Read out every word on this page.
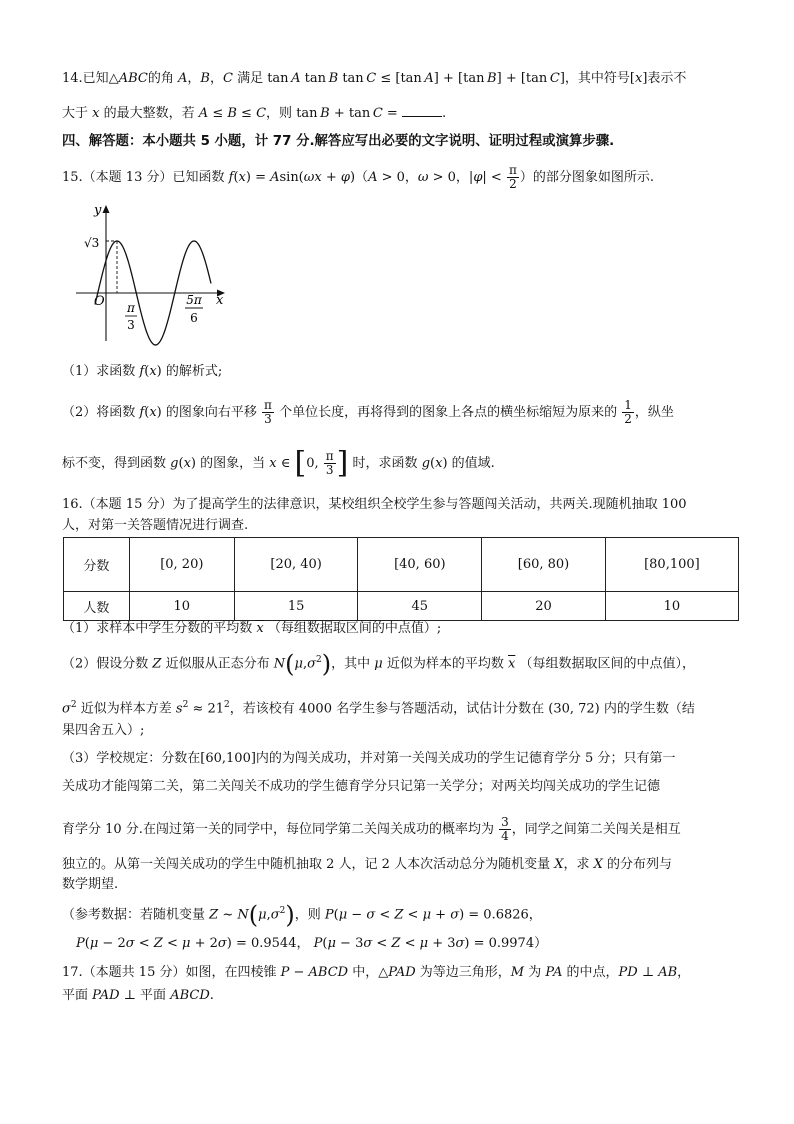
14.已知△ABC的角 A，B，C 满足 tan A tan B tan C ≤ [tan A] + [tan B] + [tan C]，其中符号[x]表示不
大于 x 的最大整数，若 A ≤ B ≤ C，则 tan B + tan C =	.
四、解答题：本小题共 5 小题，计 77 分.解答应写出必要的文字说明、证明过程或演算步骤.
15.（本题 13 分）已知函数 f(x) = Asin(ωx + φ)（A > 0，ω > 0，$|\varphi| < \frac{\pi}{2}$ ）的部分图象如图所示.
y
x
O
√3
π
3
5π
6
（1）求函数 f(x) 的解析式;
（2）将函数 f(x) 的图象向右平移 $\frac{\pi}{3}$ 个单位长度，再将得到的图象上各点的横坐标缩短为原来的 $\frac{1}{2}$ ，纵坐
标不变，得到函数 g(x) 的图象，当 x ∈ [0, $\frac{\pi}{3}$ ] 时，求函数 g(x) 的值域.
16.（本题 15 分）为了提高学生的法律意识，某校组织全校学生参与答题闯关活动，共两关.现随机抽取 100
人，对第一关答题情况进行调查.
分数	[0, 20)	[20, 40)	[40, 60)	[60, 80)	[80,100]
人数	10	15	45	20	10
（1）求样本中学生分数的平均数 $\overline{x}$ （每组数据取区间的中点值）;
（2）假设分数 Z 近似服从正态分布 $N(\mu,\sigma^2)$，其中 μ 近似为样本的平均数 $\overline{x}$ （每组数据取区间的中点值），
$\sigma^2$ 近似为样本方差 $s^2 \approx 21^2$，若该校有 4000 名学生参与答题活动，试估计分数在 (30, 72) 内的学生数（结
果四舍五入）;
（3）学校规定：分数在[60,100]内的为闯关成功，并对第一关闯关成功的学生记德育学分 5 分；只有第一
关成功才能闯第二关，第二关闯关不成功的学生德育学分只记第一关学分；对两关均闯关成功的学生记德
育学分 10 分.在闯过第一关的同学中，每位同学第二关闯关成功的概率均为 $\frac{3}{4}$ ，同学之间第二关闯关是相互
独立的。从第一关闯关成功的学生中随机抽取 2 人，记 2 人本次活动总分为随机变量 X，求 X 的分布列与
数学期望.
（参考数据：若随机变量 Z ~ $N(\mu,\sigma^2)$，则 P(μ − σ < Z < μ + σ) = 0.6826，
P(μ − 2σ < Z < μ + 2σ) = 0.9544， P(μ − 3σ < Z < μ + 3σ) = 0.9974）
17.（本题共 15 分）如图，在四棱锥 P − ABCD 中，△PAD 为等边三角形，M 为 PA 的中点，PD ⊥ AB，
平面 PAD ⊥ 平面 ABCD.
